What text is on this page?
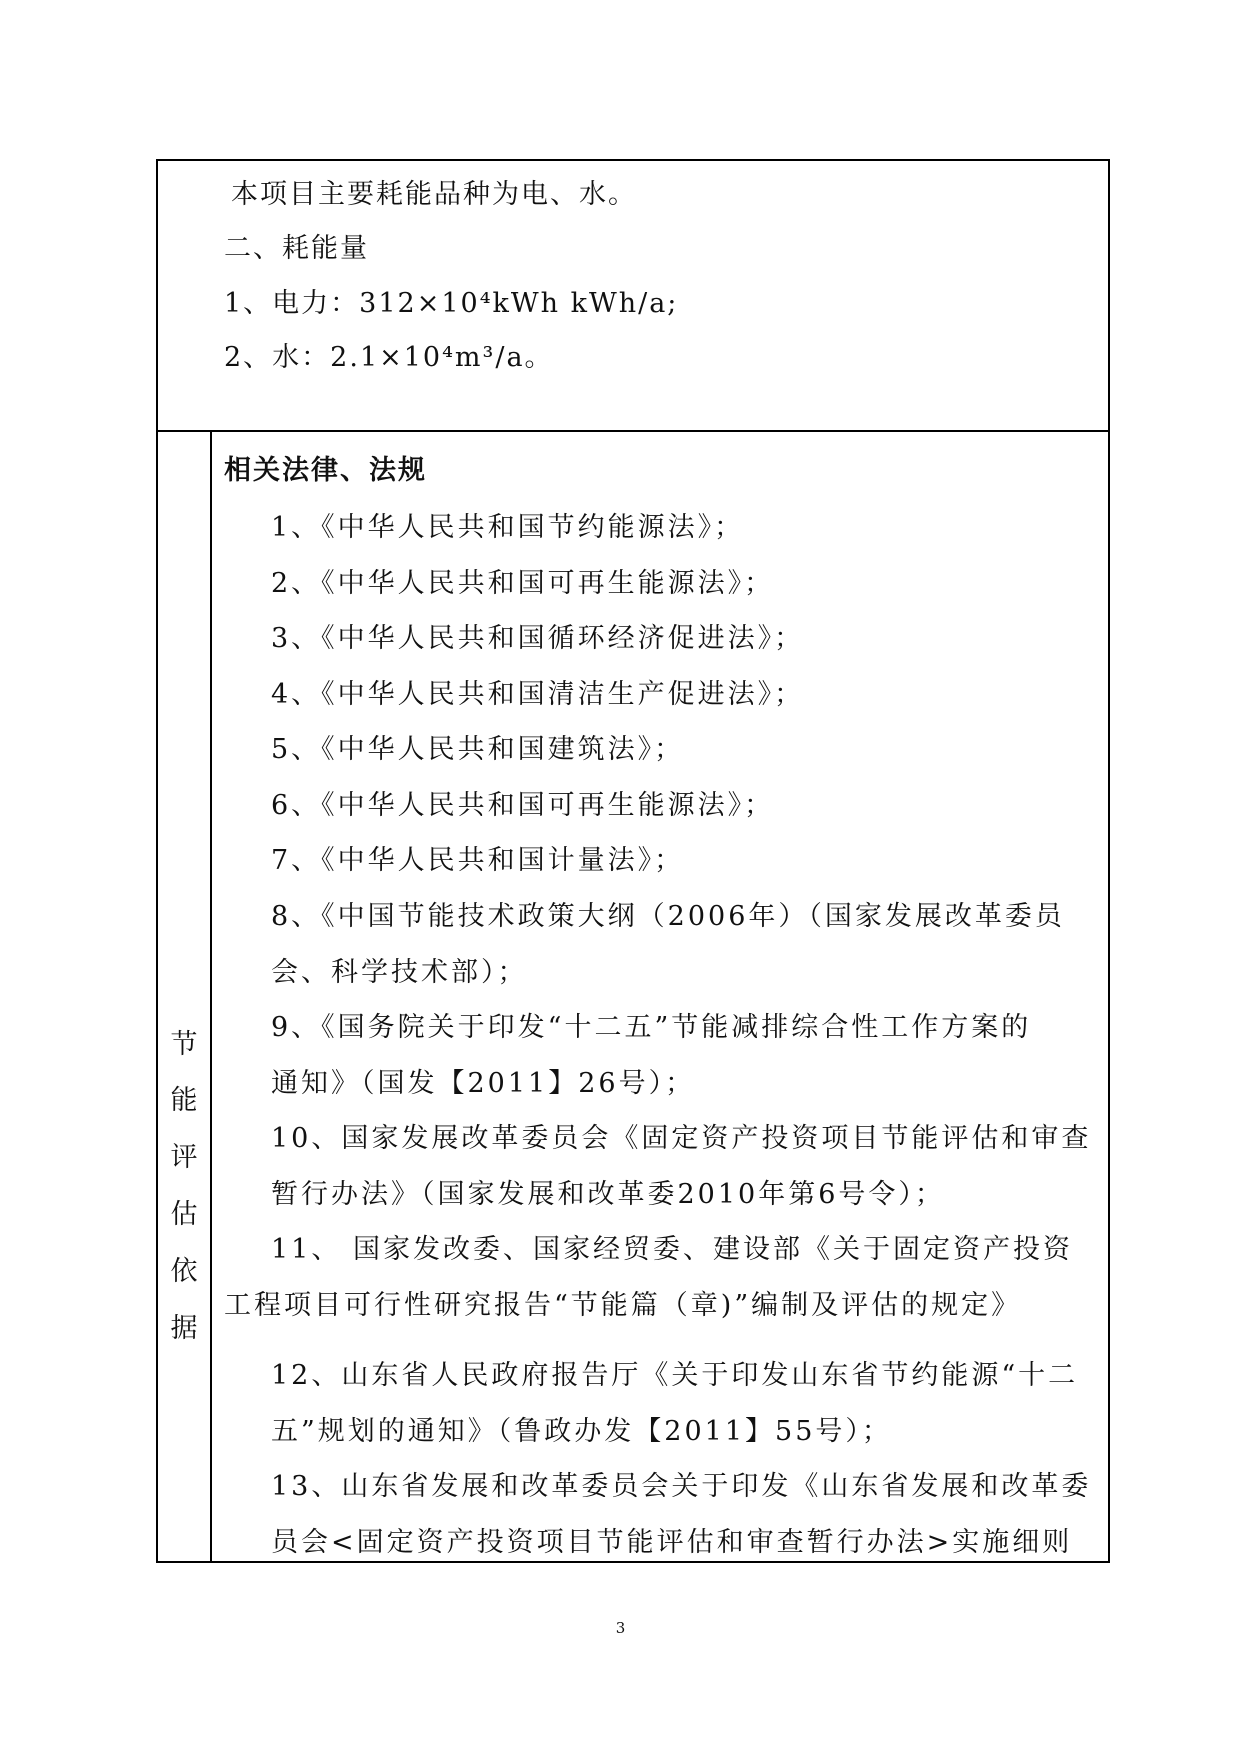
本项目主要耗能品种为电、水。
二、耗能量
1、电力：312×10⁴kWh kWh/a;
2、水：2.1×10⁴m³/a。
节
能
评
估
依
据
相关法律、法规
1、《中华人民共和国节约能源法》；
2、《中华人民共和国可再生能源法》；
3、《中华人民共和国循环经济促进法》；
4、《中华人民共和国清洁生产促进法》；
5、《中华人民共和国建筑法》；
6、《中华人民共和国可再生能源法》；
7、《中华人民共和国计量法》；
8、《中国节能技术政策大纲（2006年）（国家发展改革委员
会、科学技术部）；
9、《国务院关于印发“十二五”节能减排综合性工作方案的
通知》（国发【2011】26号）；
10、国家发展改革委员会《固定资产投资项目节能评估和审查
暂行办法》（国家发展和改革委2010年第6号令）；
11、 国家发改委、国家经贸委、建设部《关于固定资产投资
工程项目可行性研究报告“节能篇（章)”编制及评估的规定》
12、山东省人民政府报告厅《关于印发山东省节约能源“十二
五”规划的通知》（鲁政办发【2011】55号）；
13、山东省发展和改革委员会关于印发《山东省发展和改革委
员会<固定资产投资项目节能评估和审查暂行办法>实施细则
3
